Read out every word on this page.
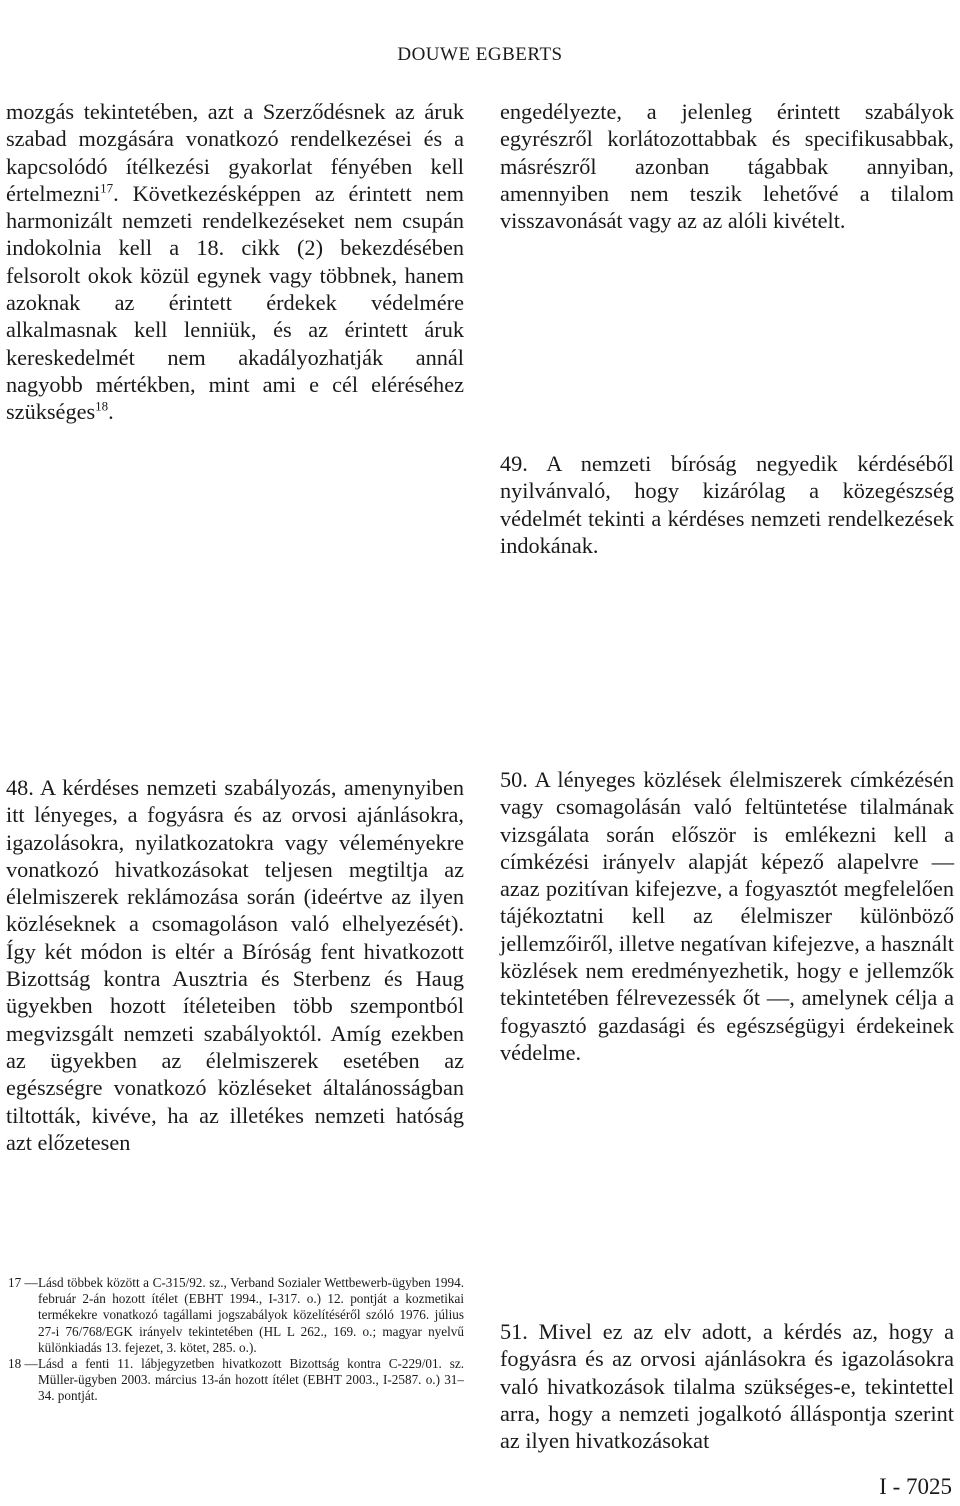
DOUWE EGBERTS

mozgás tekintetében, azt a Szerződésnek az áruk szabad mozgására vonatkozó rendelkezései és a kapcsolódó ítélkezési gyakorlat fényében kell értelmezni$^{17}$. Következésképpen az érintett nem harmonizált nemzeti rendelkezéseket nem csupán indokolnia kell a 18. cikk (2) bekezdésében felsorolt okok közül egynek vagy többnek, hanem azoknak az érintett érdekek védelmére alkalmasnak kell lenniük, és az érintett áruk kereskedelmét nem akadályozhatják annál nagyobb mértékben, mint ami e cél eléréséhez szükséges$^{18}$.

engedélyezte, a jelenleg érintett szabályok egyrészről korlátozottabbak és specifikusabbak, másrészről azonban tágabbak annyiban, amennyiben nem teszik lehetővé a tilalom visszavonását vagy az az alóli kivételt.

49. A nemzeti bíróság negyedik kérdéséből nyilvánvaló, hogy kizárólag a közegészség védelmét tekinti a kérdéses nemzeti rendelkezések indokának.

48. A kérdéses nemzeti szabályozás, amenynyiben itt lényeges, a fogyásra és az orvosi ajánlásokra, igazolásokra, nyilatkozatokra vagy véleményekre vonatkozó hivatkozásokat teljesen megtiltja az élelmiszerek reklámozása során (ideértve az ilyen közléseknek a csomagoláson való elhelyezését). Így két módon is eltér a Bíróság fent hivatkozott Bizottság kontra Ausztria és Sterbenz és Haug ügyekben hozott ítéleteiben több szempontból megvizsgált nemzeti szabályoktól. Amíg ezekben az ügyekben az élelmiszerek esetében az egészségre vonatkozó közléseket általánosságban tiltották, kivéve, ha az illetékes nemzeti hatóság azt előzetesen

50. A lényeges közlések élelmiszerek címkézésén vagy csomagolásán való feltüntetése tilalmának vizsgálata során először is emlékezni kell a címkézési irányelv alapját képező alapelvre — azaz pozitívan kifejezve, a fogyasztót megfelelően tájékoztatni kell az élelmiszer különböző jellemzőiről, illetve negatívan kifejezve, a használt közlések nem eredményezhetik, hogy e jellemzők tekintetében félrevezessék őt —, amelynek célja a fogyasztó gazdasági és egészségügyi érdekeinek védelme.

17 — Lásd többek között a C-315/92. sz., Verband Sozialer Wettbewerb-ügyben 1994. február 2-án hozott ítélet (EBHT 1994., I-317. o.) 12. pontját a kozmetikai termékekre vonatkozó tagállami jogszabályok közelítéséről szóló 1976. július 27-i 76/768/EGK irányelv tekintetében (HL L 262., 169. o.; magyar nyelvű különkiadás 13. fejezet, 3. kötet, 285. o.).
18 — Lásd a fenti 11. lábjegyzetben hivatkozott Bizottság kontra C-229/01. sz. Müller-ügyben 2003. március 13-án hozott ítélet (EBHT 2003., I-2587. o.) 31–34. pontját.

51. Mivel ez az elv adott, a kérdés az, hogy a fogyásra és az orvosi ajánlásokra és igazolásokra való hivatkozások tilalma szükséges-e, tekintettel arra, hogy a nemzeti jogalkotó álláspontja szerint az ilyen hivatkozásokat

I - 7025
